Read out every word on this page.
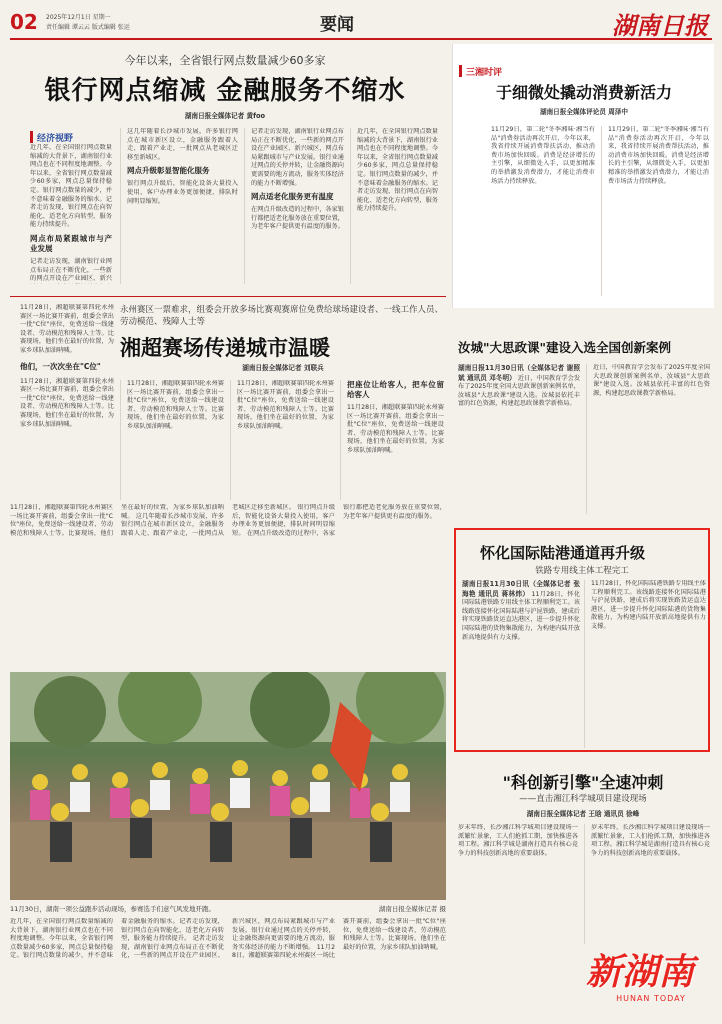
02 2025年12月1日 星期一
责任编辑 谭云云 版式编辑 张运	要闻	湖南日报
今年以来，全省银行网点数量减少60多家
银行网点缩减 金融服务不缩水
湖南日报全媒体记者 黄foo
经济视野
近几年，在全国银行网点数量缩减的大背景下，湖南银行业网点也在不同程度地调整。今年以来，全省银行网点数量减少60多家，网点总量保持稳定。银行网点数量的减少，并不意味着金融服务的缩水。记者走访发现，银行网点在向智能化、适老化方向转型，服务能力持续提升。
网点布局紧跟城市与产业发展
记者走访发现，湖南银行业网点布局正在不断优化，一些新的网点开设在产业园区、新兴
这几年随着长沙城市发展，许多银行网点在城市新区设立，金融服务跟着人走、跟着产业走，一批网点从老城区迁移至新城区。
网点升级彰显智能化服务
银行网点升级后，智能化设备大量投入使用，客户办理业务更加便捷，排队时间明显缩短。
记者走访发现，湖南银行业网点布局正在不断优化，一些新的网点开设在产业园区、新兴城区，网点布局紧跟城市与产业发展。银行业通过网点的关停并转，让金融资源向更需要的地方流动，服务实体经济的能力不断增强。
网点适老化服务更有温度
在网点升级改造的过程中，各家银行都把适老化服务放在重要位置，为老年客户提供更有温度的服务。
近几年，在全国银行网点数量缩减的大背景下，湖南银行业网点也在不同程度地调整。今年以来，全省银行网点数量减少60多家，网点总量保持稳定。银行网点数量的减少，并不意味着金融服务的缩水。记者走访发现，银行网点在向智能化、适老化方向转型，服务能力持续提升。
三湘时评
于细微处撬动消费新活力
湖南日报全媒体评论员 周泽中
11月29日，第二轮"冬季湘味·湘当有品"消费券活动再次开启，今年以来，我省持续开展消费帮扶活动，推动消费市场加快回暖。消费是经济增长的主引擎，从细微处入手，以更加精准的举措激发消费潜力，才能让消费市场活力持续释放。
11月29日，第二轮"冬季湘味·湘当有品"消费券活动再次开启，今年以来，我省持续开展消费帮扶活动，推动消费市场加快回暖。消费是经济增长的主引擎，从细微处入手，以更加精准的举措激发消费潜力，才能让消费市场活力持续释放。
汝城"大思政课"建设入选全国创新案例
湖南日报11月30日讯（全媒体记者 谢照斌 通讯员 邓冬明） 近日，中国教育学会发布了2025年度全国大思政课创新案例名单，汝城县"大思政课"建设入选。汝城县依托丰富的红色资源，构建起思政课教学新格局。
近日，中国教育学会发布了2025年度全国大思政课创新案例名单，汝城县"大思政课"建设入选。汝城县依托丰富的红色资源，构建起思政课教学新格局。
永州赛区一票难求，组委会开放多场比赛观赛席位免费给球场建设者、一线工作人员、劳动模范、残障人士等
湘超赛场传递城市温暖
湖南日报全媒体记者 刘联兵
11月28日，湘超联赛第四轮永州赛区一场比赛开赛前，组委会拿出一批"C位"座位，免费送给一线建设者、劳动模范和残障人士等。比赛现场，他们坐在最好的位置，为家乡球队加油呐喊。
他们，一次次坐在"C位"
11月28日，湘超联赛第四轮永州赛区一场比赛开赛前，组委会拿出一批"C位"座位，免费送给一线建设者、劳动模范和残障人士等。比赛现场，他们坐在最好的位置，为家乡球队加油呐喊。
11月28日，湘超联赛第四轮永州赛区一场比赛开赛前，组委会拿出一批"C位"座位，免费送给一线建设者、劳动模范和残障人士等。比赛现场，他们坐在最好的位置，为家乡球队加油呐喊。
11月28日，湘超联赛第四轮永州赛区一场比赛开赛前，组委会拿出一批"C位"座位，免费送给一线建设者、劳动模范和残障人士等。比赛现场，他们坐在最好的位置，为家乡球队加油呐喊。
把座位让给客人，把车位留给客人
11月28日，湘超联赛第四轮永州赛区一场比赛开赛前，组委会拿出一批"C位"座位，免费送给一线建设者、劳动模范和残障人士等。比赛现场，他们坐在最好的位置，为家乡球队加油呐喊。
11月30日，湖南一项公益跑步活动现场，参赛选手们意气风发地开跑。	湖南日报全媒体记者 摄
近几年，在全国银行网点数量缩减的大背景下，湖南银行业网点也在不同程度地调整。今年以来，全省银行网点数量减少60多家，网点总量保持稳定。银行网点数量的减少，并不意味着金融服务的缩水。记者走访发现，银行网点在向智能化、适老化方向转型，服务能力持续提升。 记者走访发现，湖南银行业网点布局正在不断优化，一些新的网点开设在产业园区、新兴城区，网点布局紧跟城市与产业发展。银行业通过网点的关停并转，让金融资源向更需要的地方流动，服务实体经济的能力不断增强。 11月28日，湘超联赛第四轮永州赛区一场比赛开赛前，组委会拿出一批"C位"座位，免费送给一线建设者、劳动模范和残障人士等。比赛现场，他们坐在最好的位置，为家乡球队加油呐喊。
11月28日，湘超联赛第四轮永州赛区一场比赛开赛前，组委会拿出一批"C位"座位，免费送给一线建设者、劳动模范和残障人士等。比赛现场，他们坐在最好的位置，为家乡球队加油呐喊。 这几年随着长沙城市发展，许多银行网点在城市新区设立，金融服务跟着人走、跟着产业走，一批网点从老城区迁移至新城区。 银行网点升级后，智能化设备大量投入使用，客户办理业务更加便捷，排队时间明显缩短。 在网点升级改造的过程中，各家银行都把适老化服务放在重要位置，为老年客户提供更有温度的服务。
怀化国际陆港通道再升级
铁路专用线主体工程完工
湖南日报11月30日讯（全媒体记者 张海艳 通讯员 蒋林炜） 11月28日，怀化国际陆港铁路专用线主体工程顺利完工。该线路连接怀化国际陆港与沪昆铁路，建成后将实现铁路货运直达港区，进一步提升怀化国际陆港的货物集散能力，为构建内陆开放新高地提供有力支撑。
11月28日，怀化国际陆港铁路专用线主体工程顺利完工。该线路连接怀化国际陆港与沪昆铁路，建成后将实现铁路货运直达港区，进一步提升怀化国际陆港的货物集散能力，为构建内陆开放新高地提供有力支撑。
"科创新引擎"全速冲刺
——直击湘江科学城项目建设现场
湖南日报全媒体记者 王晗 通讯员 徐峰
岁末年终，长沙湘江科学城项目建设现场一派繁忙景象，工人们抢抓工期，加快推进各项工程。湘江科学城是湖南打造具有核心竞争力的科技创新高地的重要载体。
岁末年终，长沙湘江科学城项目建设现场一派繁忙景象，工人们抢抓工期，加快推进各项工程。湘江科学城是湖南打造具有核心竞争力的科技创新高地的重要载体。
新湖南
HUNAN TODAY
